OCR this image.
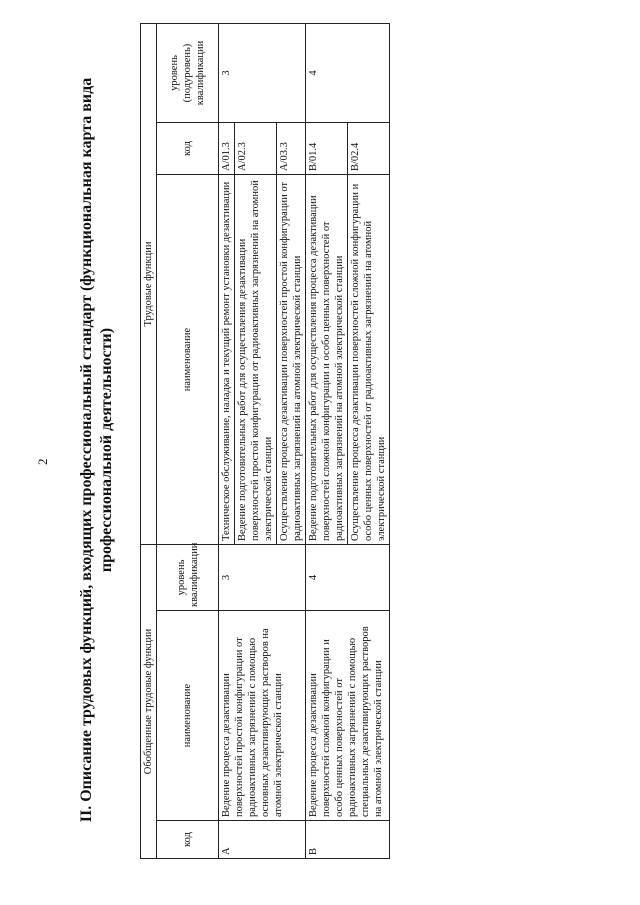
2 II. Описание трудовых функций, входящих профессиональный стандарт (функциональная карта вида профессиональной деятельности)
Обобщенные трудовые функции			Трудовые функции		
код	наименование	уровень квалификации	наименование	код	уровень (подуровень) квалификации
A	Ведение процесса дезактивации поверхностей простой конфигурации от радиоактивных загрязнений с помощью основных дезактивирующих растворов на атомной электрической станции	3	Техническое обслуживание, наладка и текущий ремонт установки дезактивации	A/01.3	3
			Ведение подготовительных работ для осуществления дезактивации поверхностей простой конфигурации от радиоактивных загрязнений на атомной электрической станции	A/02.3	
			Осуществление процесса дезактивации поверхностей простой конфигурации от радиоактивных загрязнений на атомной электрической станции	A/03.3	
B	Ведение процесса дезактивации поверхностей сложной конфигурации и особо ценных поверхностей от радиоактивных загрязнений с помощью специальных дезактивирующих растворов на атомной электрической станции	4	Ведение подготовительных работ для осуществления процесса дезактивации поверхностей сложной конфигурации и особо ценных поверхностей от радиоактивных загрязнений на атомной электрической станции	B/01.4	4
			Осуществление процесса дезактивации поверхностей сложной конфигурации и особо ценных поверхностей от радиоактивных загрязнений на атомной электрической станции	B/02.4	
